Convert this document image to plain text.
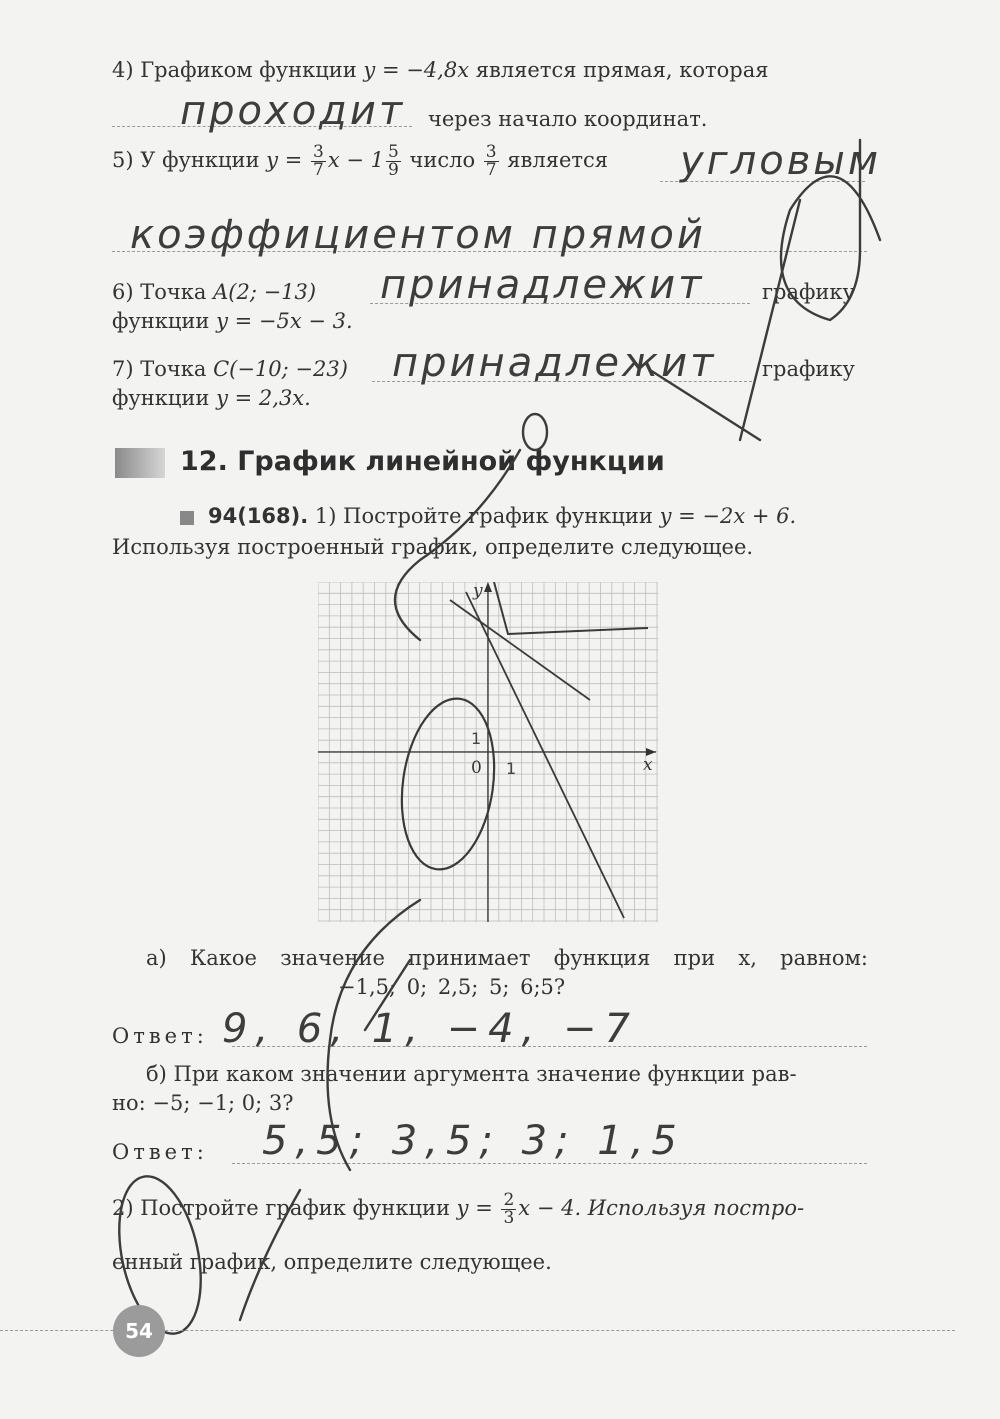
4) Графиком функции y = −4,8x является прямая, которая
проходит через начало координат.
5) У функции $y = \frac{3}{7}$ $x - 1 \frac{5}{9}$ число $\frac{3}{7}$ является угловым
коэффициентом прямой
6) Точка A(2; −13) принадлежит	графику
функции y = −5x − 3.
7) Точка C(−10; −23) принадлежит графику
функции y = 2,3x.
12. График линейной функции
94(168). 1) Постройте график функции y = −2x + 6.
Используя построенный график, определите следующее.
x
y
0
1
1
а) Какое значение принимает функция при x, равном:
−1,5; 0; 2,5; 5; 6;5?
Ответ: 9, 6, 1, −4, −7
б) При каком значении аргумента значение функции рав-
но: −5; −1; 0; 3?
Ответ: 5,5; 3,5; 3; 1,5
2) Постройте график функции $y = \frac{2}{3}$ x − 4. Используя постро-
енный график, определите следующее.
54
